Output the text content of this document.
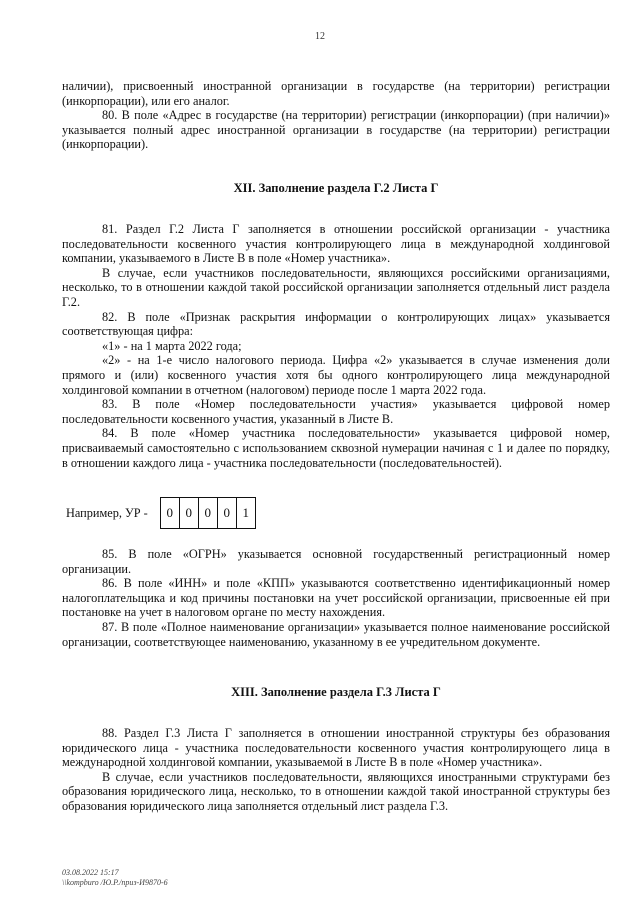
12

наличии), присвоенный иностранной организации в государстве (на территории) регистрации (инкорпорации), или его аналог.

80. В поле «Адрес в государстве (на территории) регистрации (инкорпорации) (при наличии)» указывается полный адрес иностранной организации в государстве (на территории) регистрации (инкорпорации).

XII. Заполнение раздела Г.2 Листа Г

81. Раздел Г.2 Листа Г заполняется в отношении российской организации - участника последовательности косвенного участия контролирующего лица в международной холдинговой компании, указываемого в Листе В в поле «Номер участника».

В случае, если участников последовательности, являющихся российскими организациями, несколько, то в отношении каждой такой российской организации заполняется отдельный лист раздела Г.2.

82. В поле «Признак раскрытия информации о контролирующих лицах» указывается соответствующая цифра:

«1» - на 1 марта 2022 года;

«2» - на 1-е число налогового периода. Цифра «2» указывается в случае изменения доли прямого и (или) косвенного участия хотя бы одного контролирующего лица международной холдинговой компании в отчетном (налоговом) периоде после 1 марта 2022 года.

83. В поле «Номер последовательности участия» указывается цифровой номер последовательности косвенного участия, указанный в Листе В.

84. В поле «Номер участника последовательности» указывается цифровой номер, присваиваемый самостоятельно с использованием сквозной нумерации начиная с 1 и далее по порядку, в отношении каждого лица - участника последовательности (последовательностей).

Например, УР -	0 0 0 0 1

85. В поле «ОГРН» указывается основной государственный регистрационный номер организации.

86. В поле «ИНН» и поле «КПП» указываются соответственно идентификационный номер налогоплательщика и код причины постановки на учет российской организации, присвоенные ей при постановке на учет в налоговом органе по месту нахождения.

87. В поле «Полное наименование организации» указывается полное наименование российской организации, соответствующее наименованию, указанному в ее учредительном документе.

XIII. Заполнение раздела Г.3 Листа Г

88. Раздел Г.3 Листа Г заполняется в отношении иностранной структуры без образования юридического лица - участника последовательности косвенного участия контролирующего лица в международной холдинговой компании, указываемой в Листе В в поле «Номер участника».

В случае, если участников последовательности, являющихся иностранными структурами без образования юридического лица, несколько, то в отношении каждой такой иностранной структуры без образования юридического лица заполняется отдельный лист раздела Г.3.

03.08.2022 15:17
\\kompburo /Ю.Р./приз-И9870-6
